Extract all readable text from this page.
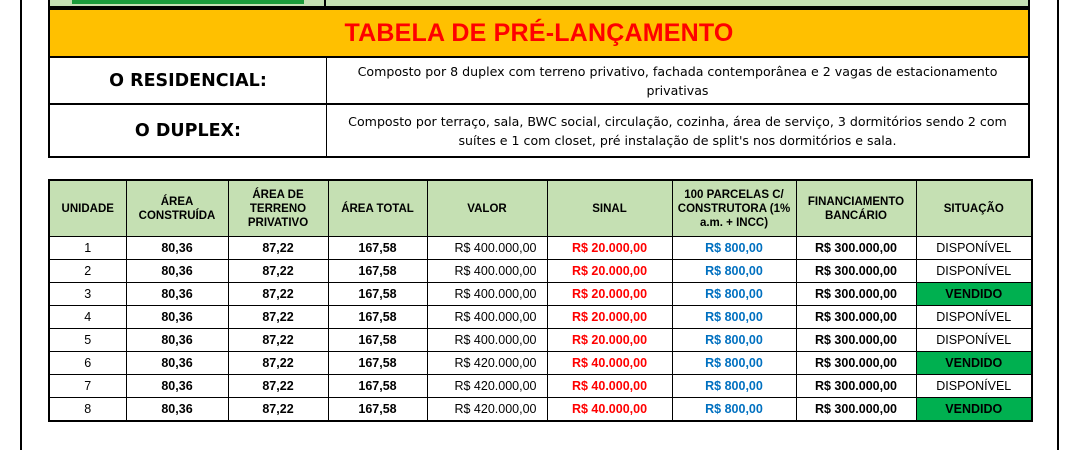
TABELA DE PRÉ-LANÇAMENTO
O RESIDENCIAL:	Composto por 8 duplex com terreno privativo, fachada contemporânea e 2 vagas de estacionamento privativas
O DUPLEX:	Composto por terraço, sala, BWC social, circulação, cozinha, área de serviço, 3 dormitórios sendo 2 com suítes e 1 com closet, pré instalação de split's nos dormitórios e sala.
UNIDADE	ÁREA CONSTRUÍDA	ÁREA DE TERRENO PRIVATIVO	ÁREA TOTAL	VALOR	SINAL	100 PARCELAS C/ CONSTRUTORA (1% a.m. + INCC)	FINANCIAMENTO BANCÁRIO	SITUAÇÃO
1	80,36	87,22	167,58	R$ 400.000,00	R$ 20.000,00	R$ 800,00	R$ 300.000,00	DISPONÍVEL
2	80,36	87,22	167,58	R$ 400.000,00	R$ 20.000,00	R$ 800,00	R$ 300.000,00	DISPONÍVEL
3	80,36	87,22	167,58	R$ 400.000,00	R$ 20.000,00	R$ 800,00	R$ 300.000,00	VENDIDO
4	80,36	87,22	167,58	R$ 400.000,00	R$ 20.000,00	R$ 800,00	R$ 300.000,00	DISPONÍVEL
5	80,36	87,22	167,58	R$ 400.000,00	R$ 20.000,00	R$ 800,00	R$ 300.000,00	DISPONÍVEL
6	80,36	87,22	167,58	R$ 420.000,00	R$ 40.000,00	R$ 800,00	R$ 300.000,00	VENDIDO
7	80,36	87,22	167,58	R$ 420.000,00	R$ 40.000,00	R$ 800,00	R$ 300.000,00	DISPONÍVEL
8	80,36	87,22	167,58	R$ 420.000,00	R$ 40.000,00	R$ 800,00	R$ 300.000,00	VENDIDO
